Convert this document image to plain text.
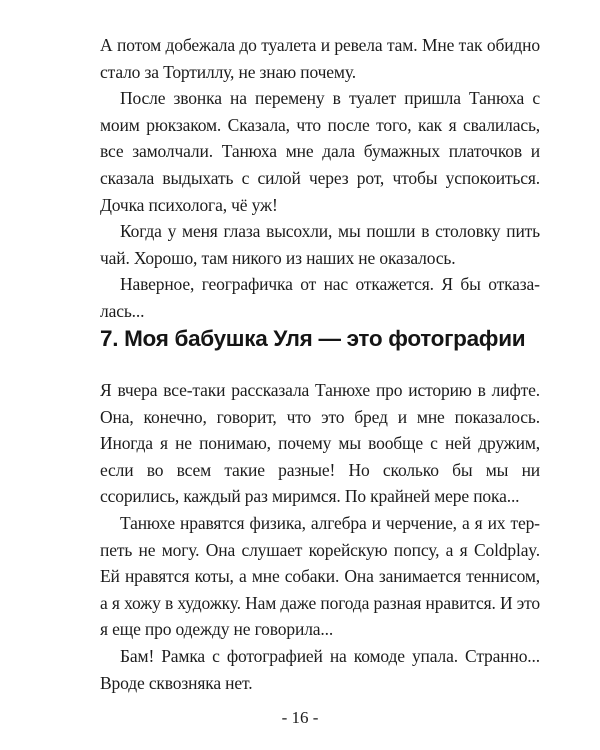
А потом добежала до туалета и ревела там. Мне так обидно стало за Тортиллу, не знаю почему.

После звонка на перемену в туалет пришла Танюха с моим рюкзаком. Сказала, что после того, как я свалилась, все замолчали. Танюха мне дала бумажных платочков и сказала выдыхать с силой через рот, чтобы успокоиться. Дочка психолога, чё уж!

Когда у меня глаза высохли, мы пошли в столовку пить чай. Хорошо, там никого из наших не оказалось.

Наверное, географичка от нас откажется. Я бы отказалась...

7. Моя бабушка Уля — это фотографии

Я вчера все-таки рассказала Танюхе про историю в лифте. Она, конечно, говорит, что это бред и мне показалось. Иногда я не понимаю, почему мы вообще с ней дружим, если во всем такие разные! Но сколько бы мы ни ссорились, каждый раз миримся. По крайней мере пока...

Танюхе нравятся физика, алгебра и черчение, а я их терпеть не могу. Она слушает корейскую попсу, а я Coldplay. Ей нравятся коты, а мне собаки. Она занимается теннисом, а я хожу в художку. Нам даже погода разная нравится. И это я еще про одежду не говорила...

Бам! Рамка с фотографией на комоде упала. Странно... Вроде сквозняка нет.

- 16 -
